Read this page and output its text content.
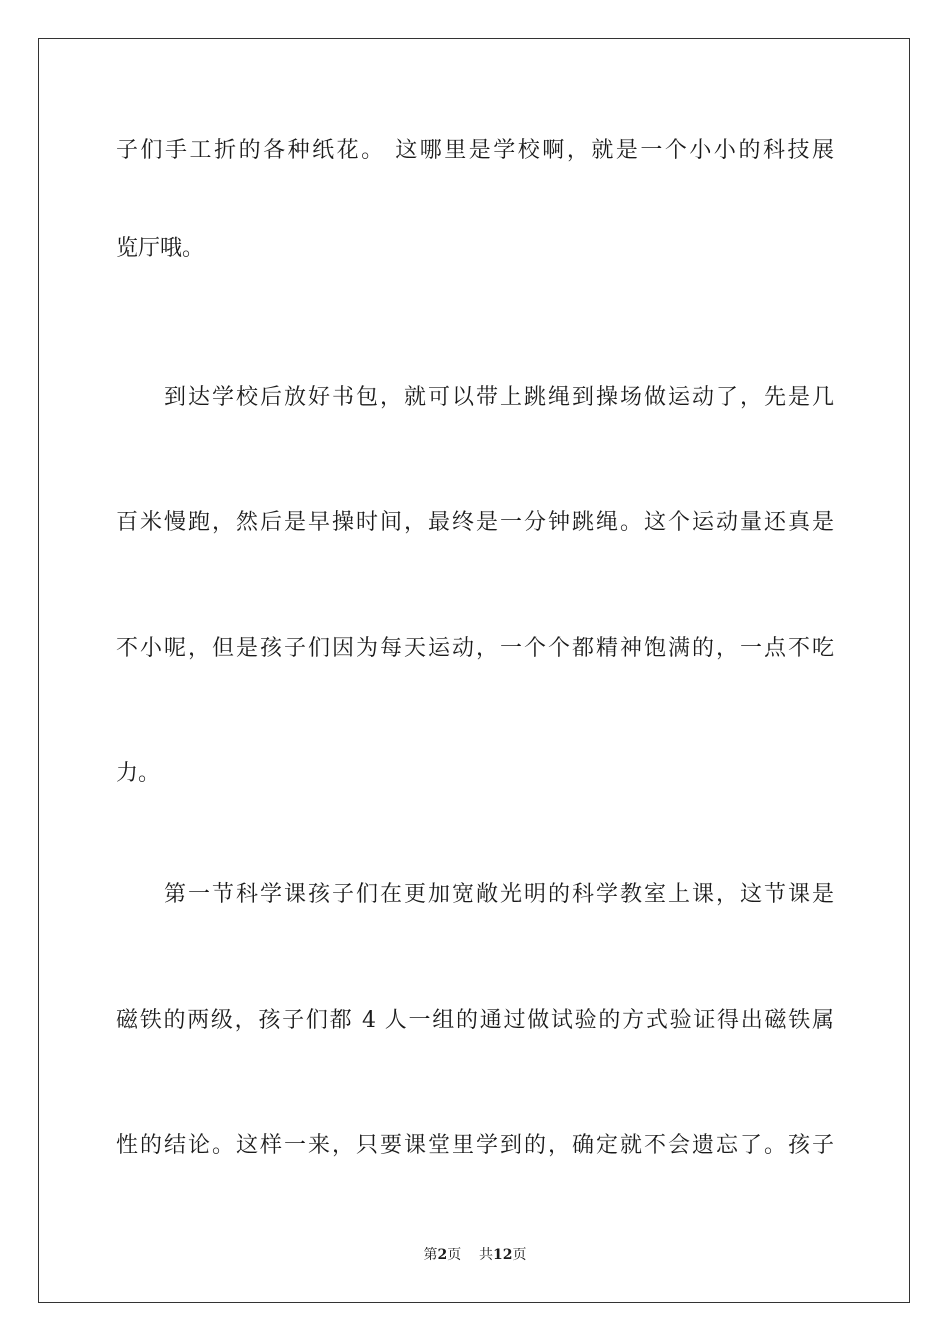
子们手工折的各种纸花。 这哪里是学校啊，就是一个小小的科技展
览厅哦。
到达学校后放好书包，就可以带上跳绳到操场做运动了，先是几
百米慢跑，然后是早操时间，最终是一分钟跳绳。这个运动量还真是
不小呢，但是孩子们因为每天运动，一个个都精神饱满的，一点不吃
力。
第一节科学课孩子们在更加宽敞光明的科学教室上课，这节课是
磁铁的两级，孩子们都 4 人一组的通过做试验的方式验证得出磁铁属
性的结论。这样一来，只要课堂里学到的，确定就不会遗忘了。孩子
第2页 共12页
